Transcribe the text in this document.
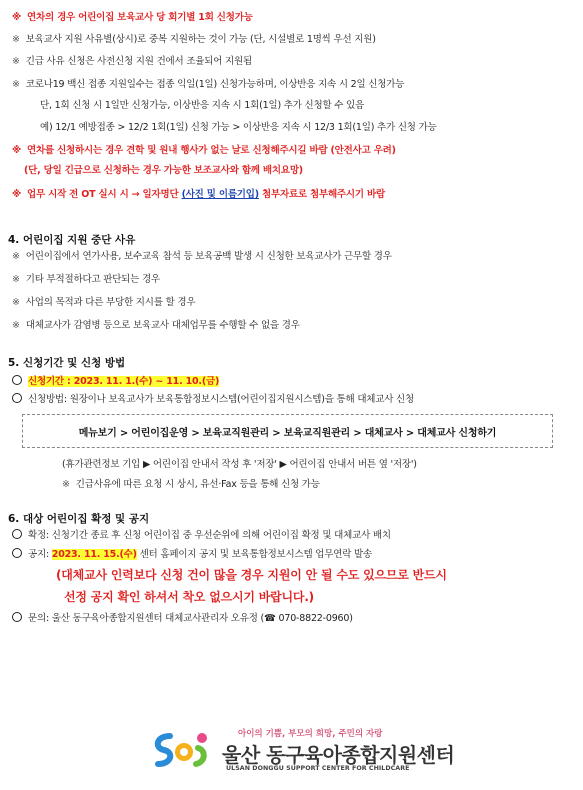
※ 연차의 경우 어린이집 보육교사 당 회기별 1회 신청가능
※ 보육교사 지원 사유별(상시)로 중복 지원하는 것이 가능 (단, 시설별로 1명씩 우선 지원)
※ 긴급 사유 신청은 사전신청 지원 건에서 조율되어 지원됨
※ 코로나19 백신 접종 지원일수는 접종 익일(1일) 신청가능하며, 이상반응 지속 시 2일 신청가능
단, 1회 신청 시 1일만 신청가능, 이상반응 지속 시 1회(1일) 추가 신청할 수 있음
예) 12/1 예방접종 > 12/2 1회(1일) 신청 가능 > 이상반응 지속 시 12/3 1회(1일) 추가 신청 가능
※ 연차를 신청하시는 경우 견학 및 원내 행사가 없는 날로 신청해주시길 바람 (안전사고 우려)
(단, 당일 긴급으로 신청하는 경우 가능한 보조교사와 함께 배치요망)
※ 업무 시작 전 OT 실시 시 → 일자명단 (사진 및 이름기입) 첨부자료로 첨부해주시기 바람
4. 어린이집 지원 중단 사유
※ 어린이집에서 연가사용, 보수교육 참석 등 보육공백 발생 시 신청한 보육교사가 근무할 경우
※ 기타 부적절하다고 판단되는 경우
※ 사업의 목적과 다른 부당한 지시를 할 경우
※ 대체교사가 감염병 등으로 보육교사 대체업무를 수행할 수 없을 경우
5. 신청기간 및 신청 방법
신청기간 : 2023. 11. 1.(수) ~ 11. 10.(금)
신청방법: 원장이나 보육교사가 보육통합정보시스템(어린이집지원시스템)을 통해 대체교사 신청
메뉴보기 > 어린이집운영 > 보육교직원관리 > 보육교직원관리 > 대체교사 > 대체교사 신청하기
(휴가관련정보 기입 ▶ 어린이집 안내서 작성 후 '저장' ▶ 어린이집 안내서 버튼 옆 '저장')
※ 긴급사유에 따른 요청 시 상시, 유선·Fax 등을 통해 신청 가능
6. 대상 어린이집 확정 및 공지
확정: 신청기간 종료 후 신청 어린이집 중 우선순위에 의해 어린이집 확정 및 대체교사 배치
공지: 2023. 11. 15.(수) 센터 홈페이지 공지 및 보육통합정보시스템 업무연락 발송
(대체교사 인력보다 신청 건이 많을 경우 지원이 안 될 수도 있으므로 반드시
선정 공지 확인 하셔서 착오 없으시기 바랍니다.)
문의: 울산 동구육아종합지원센터 대체교사관리자 오유정 (☎ 070-8822-0960)
아이의 기쁨, 부모의 희망, 주민의 자랑
울산 동구육아종합지원센터
ULSAN DONGGU SUPPORT CENTER FOR CHILDCARE
